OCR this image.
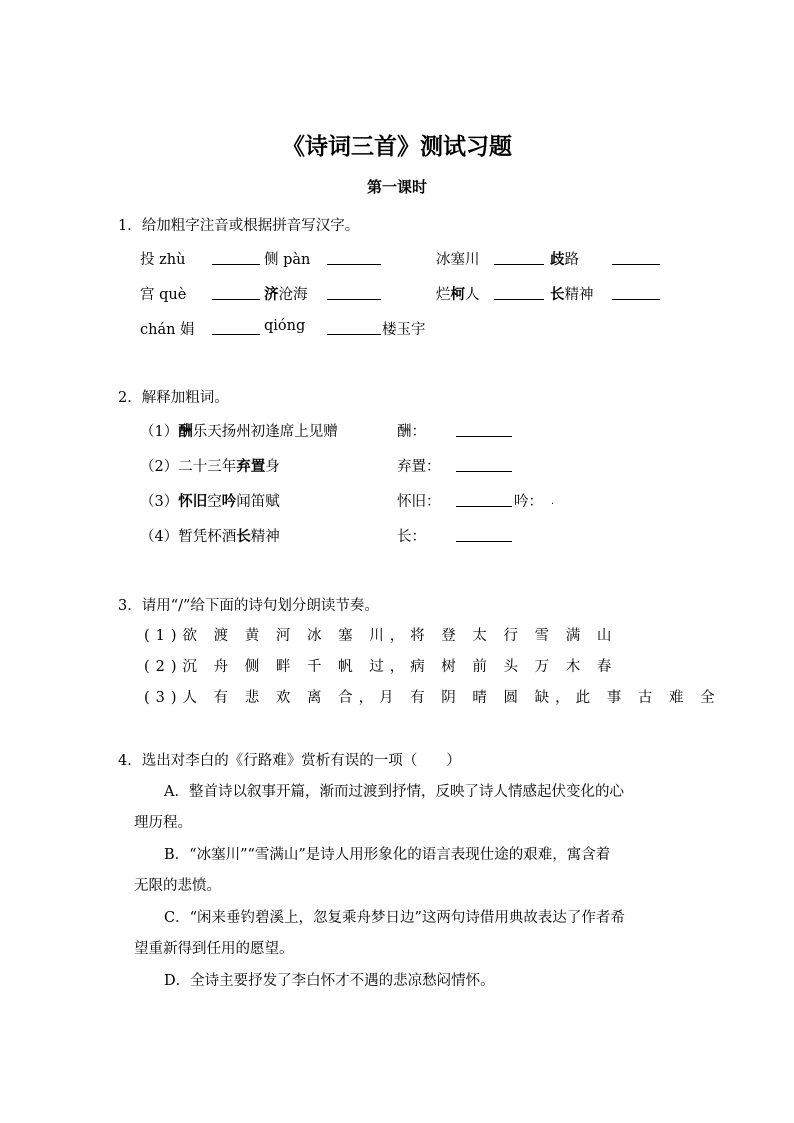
《诗词三首》测试习题
第一课时
1．给加粗字注音或根据拼音写汉字。
投 zhù	侧 pàn	冰塞川	歧路
宫 què	济沧海	烂柯人	长精神
chán 娟	qióng	楼玉宇
2．解释加粗词。
（1）酬乐天扬州初逢席上见赠	酬：
（2）二十三年弃置身	弃置：
（3）怀旧空吟闻笛赋	怀旧：	吟： .
（4）暂凭杯酒长精神	长：
3．请用“/”给下面的诗句划分朗读节奏。
(1)欲 渡 黄 河 冰 塞 川，将 登 太 行 雪 满 山
(2)沉 舟 侧 畔 千 帆 过，病 树 前 头 万 木 春
(3)人 有 悲 欢 离 合，月 有 阴 晴 圆 缺，此 事 古 难 全
4．选出对李白的《行路难》赏析有误的一项（　　）
A．整首诗以叙事开篇，渐而过渡到抒情，反映了诗人情感起伏变化的心
理历程。
B．“冰塞川”“雪满山”是诗人用形象化的语言表现仕途的艰难，寓含着
无限的悲愤。
C．“闲来垂钓碧溪上，忽复乘舟梦日边”这两句诗借用典故表达了作者希
望重新得到任用的愿望。
D．全诗主要抒发了李白怀才不遇的悲凉愁闷情怀。
